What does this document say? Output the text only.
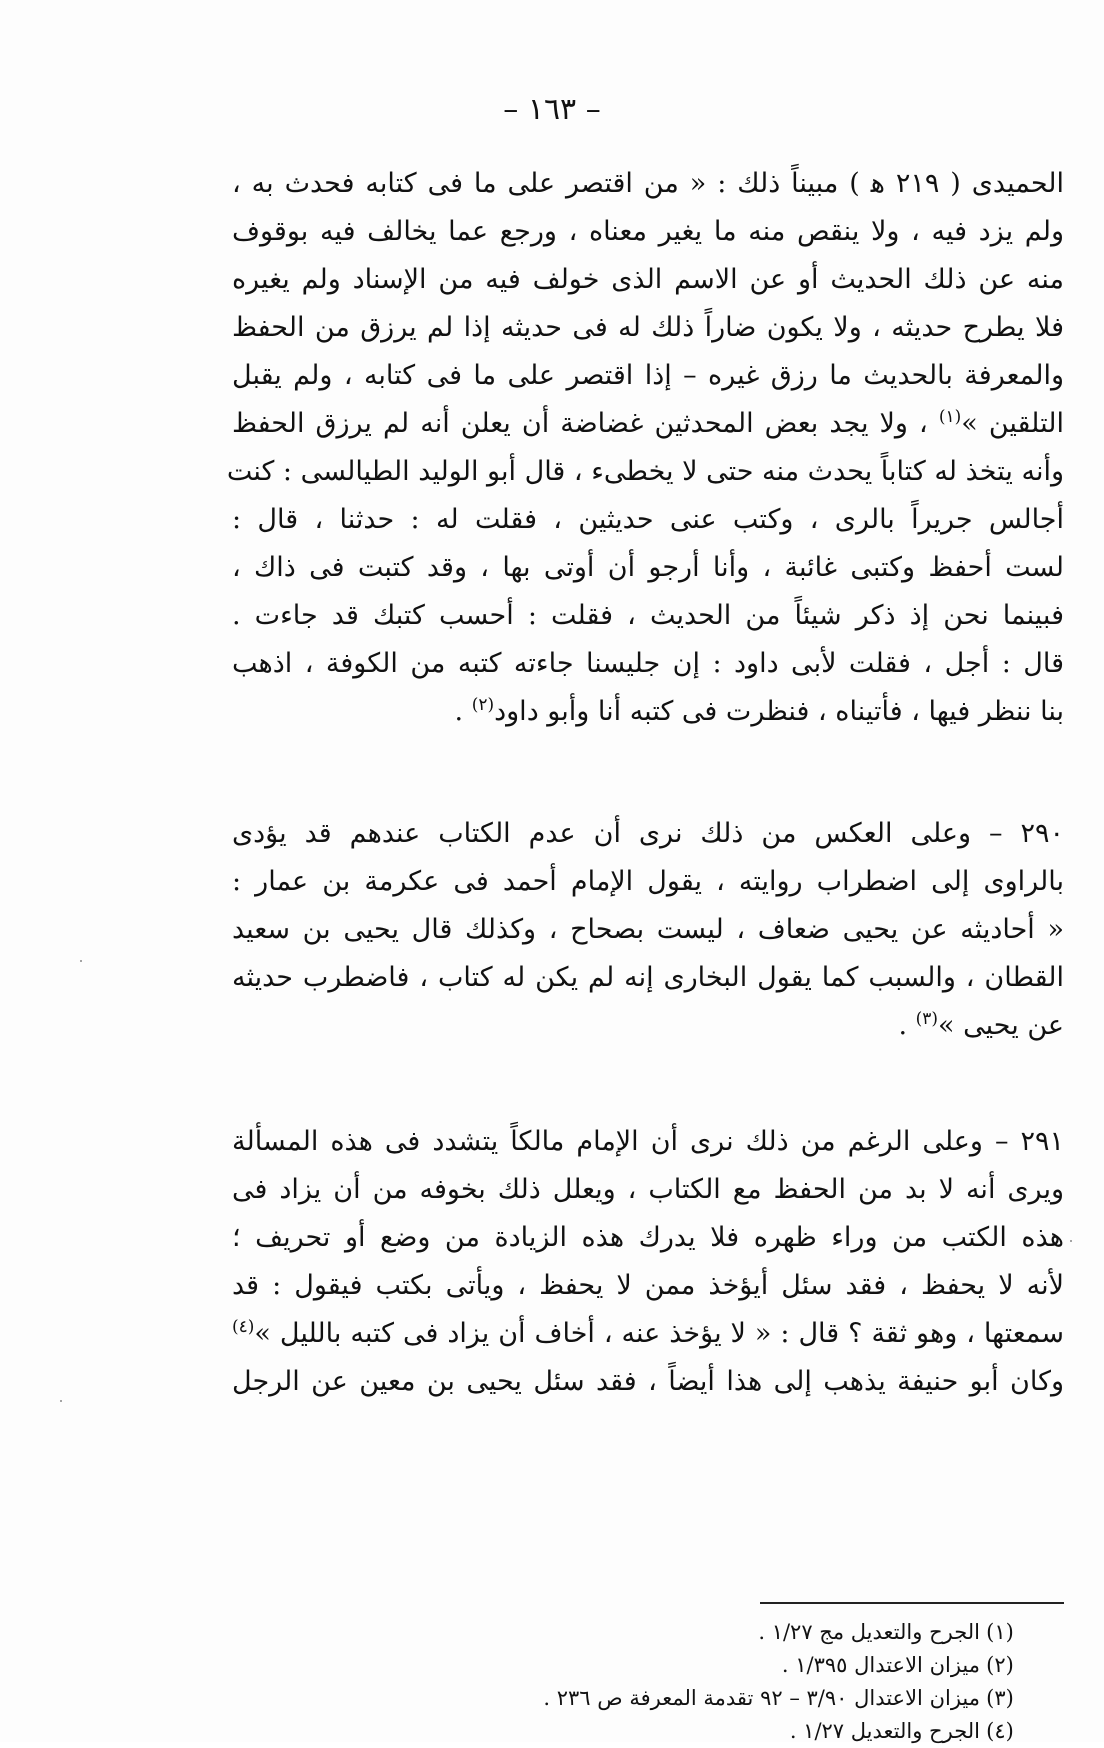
– ١٦٣ –
الحميدى ( ٢١٩ ﻫ ) مبيناً ذلك : « من اقتصر على ما فى كتابه فحدث به ،
ولم يزد فيه ، ولا ينقص منه ما يغير معناه ، ورجع عما يخالف فيه بوقوف
منه عن ذلك الحديث أو عن الاسم الذى خولف فيه من الإسناد ولم يغيره
فلا يطرح حديثه ، ولا يكون ضاراً ذلك له فى حديثه إذا لم يرزق من الحفظ
والمعرفة بالحديث ما رزق غيره – إذا اقتصر على ما فى كتابه ، ولم يقبل
التلقين »$^{(١)}$ ، ولا يجد بعض المحدثين غضاضة أن يعلن أنه لم يرزق الحفظ
وأنه يتخذ له كتاباً يحدث منه حتى لا يخطىء ، قال أبو الوليد الطيالسى : كنت
أجالس جريراً بالرى ، وكتب عنى حديثين ، فقلت له : حدثنا ، قال :
لست أحفظ وكتبى غائبة ، وأنا أرجو أن أوتى بها ، وقد كتبت فى ذاك ،
فبينما نحن إذ ذكر شيئاً من الحديث ، فقلت : أحسب كتبك قد جاءت .
قال : أجل ، فقلت لأبى داود : إن جليسنا جاءته كتبه من الكوفة ، اذهب
بنا ننظر فيها ، فأتيناه ، فنظرت فى كتبه أنا وأبو داود$^{(٢)}$ .
٢٩٠ – وعلى العكس من ذلك نرى أن عدم الكتاب عندهم قد يؤدى
بالراوى إلى اضطراب روايته ، يقول الإمام أحمد فى عكرمة بن عمار :
« أحاديثه عن يحيى ضعاف ، ليست بصحاح ، وكذلك قال يحيى بن سعيد
القطان ، والسبب كما يقول البخارى إنه لم يكن له كتاب ، فاضطرب حديثه
عن يحيى »$^{(٣)}$ .
٢٩١ – وعلى الرغم من ذلك نرى أن الإمام مالكاً يتشدد فى هذه المسألة
ويرى أنه لا بد من الحفظ مع الكتاب ، ويعلل ذلك بخوفه من أن يزاد فى
هذه الكتب من وراء ظهره فلا يدرك هذه الزيادة من وضع أو تحريف ؛
لأنه لا يحفظ ، فقد سئل أيؤخذ ممن لا يحفظ ، ويأتى بكتب فيقول : قد
سمعتها ، وهو ثقة ؟ قال : « لا يؤخذ عنه ، أخاف أن يزاد فى كتبه بالليل »$^{(٤)}$
وكان أبو حنيفة يذهب إلى هذا أيضاً ، فقد سئل يحيى بن معين عن الرجل
(١)الجرح والتعديل مج ١/٢٧ .
(٢)ميزان الاعتدال ١/٣٩٥ .
(٣)ميزان الاعتدال ٣/٩٠ – ٩٢ تقدمة المعرفة ص ٢٣٦ .
(٤)الجرح والتعديل ١/٢٧ .
